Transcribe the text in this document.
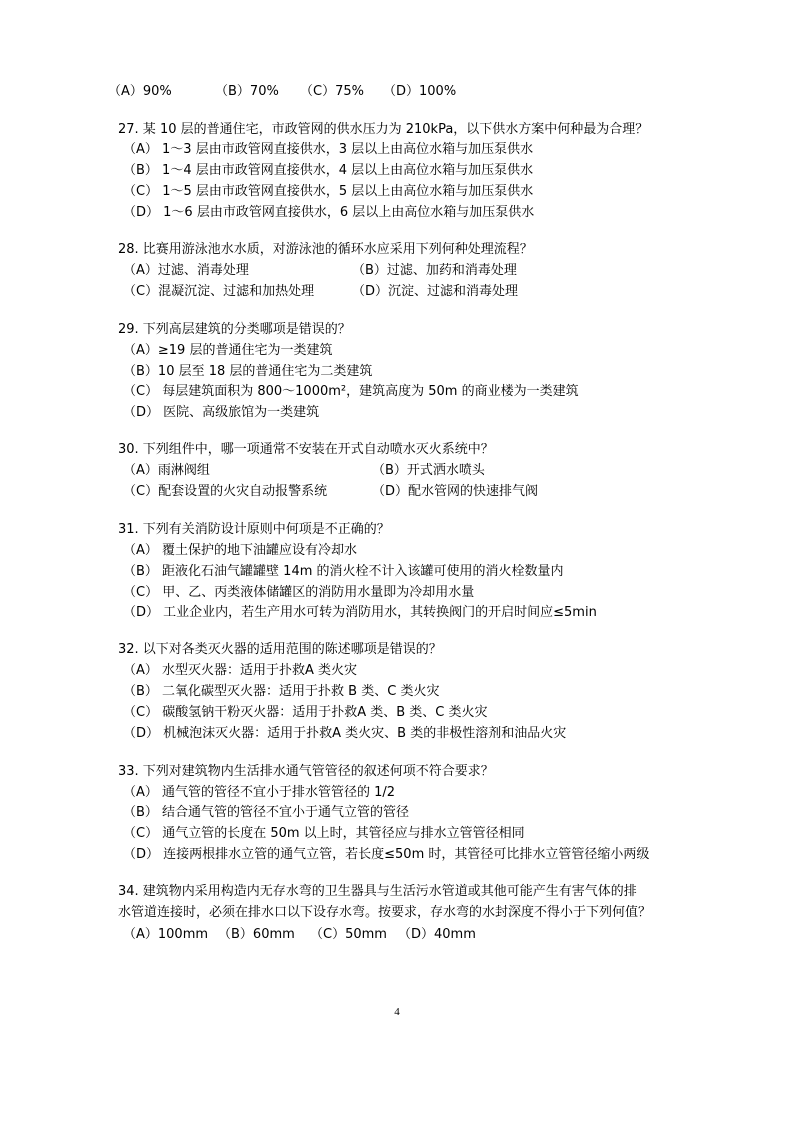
（A）90%	（B）70% （C）75% （D）100%
27. 某 10 层的普通住宅，市政管网的供水压力为 210kPa，以下供水方案中何种最为合理？
（A） 1～3 层由市政管网直接供水，3 层以上由高位水箱与加压泵供水
（B） 1～4 层由市政管网直接供水，4 层以上由高位水箱与加压泵供水
（C） 1～5 层由市政管网直接供水，5 层以上由高位水箱与加压泵供水
（D） 1～6 层由市政管网直接供水，6 层以上由高位水箱与加压泵供水
28. 比赛用游泳池水水质，对游泳池的循环水应采用下列何种处理流程？
（A）过滤、消毒处理	（B）过滤、加药和消毒处理
（C）混凝沉淀、过滤和加热处理	（D）沉淀、过滤和消毒处理
29. 下列高层建筑的分类哪项是错误的？
（A）≥19 层的普通住宅为一类建筑
（B）10 层至 18 层的普通住宅为二类建筑
（C） 每层建筑面积为 800～1000m²，建筑高度为 50m 的商业楼为一类建筑
（D） 医院、高级旅馆为一类建筑
30. 下列组件中，哪一项通常不安装在开式自动喷水灭火系统中？
（A）雨淋阀组	（B）开式洒水喷头
（C）配套设置的火灾自动报警系统	（D）配水管网的快速排气阀
31. 下列有关消防设计原则中何项是不正确的？
（A） 覆土保护的地下油罐应设有冷却水
（B） 距液化石油气罐罐壁 14m 的消火栓不计入该罐可使用的消火栓数量内
（C） 甲、乙、丙类液体储罐区的消防用水量即为冷却用水量
（D） 工业企业内，若生产用水可转为消防用水，其转换阀门的开启时间应≤5min
32. 以下对各类灭火器的适用范围的陈述哪项是错误的？
（A） 水型灭火器：适用于扑救A 类火灾
（B） 二氧化碳型灭火器：适用于扑救 B 类、C 类火灾
（C） 碳酸氢钠干粉灭火器：适用于扑救A 类、B 类、C 类火灾
（D） 机械泡沫灭火器：适用于扑救A 类火灾、B 类的非极性溶剂和油品火灾
33. 下列对建筑物内生活排水通气管管径的叙述何项不符合要求？
（A） 通气管的管径不宜小于排水管管径的 1/2
（B） 结合通气管的管径不宜小于通气立管的管径
（C） 通气立管的长度在 50m 以上时，其管径应与排水立管管径相同
（D） 连接两根排水立管的通气立管，若长度≤50m 时，其管径可比排水立管管径缩小两级
34. 建筑物内采用构造内无存水弯的卫生器具与生活污水管道或其他可能产生有害气体的排
水管道连接时，必须在排水口以下设存水弯。按要求，存水弯的水封深度不得小于下列何值？
（A）100mm （B）60mm （C）50mm （D）40mm
4
